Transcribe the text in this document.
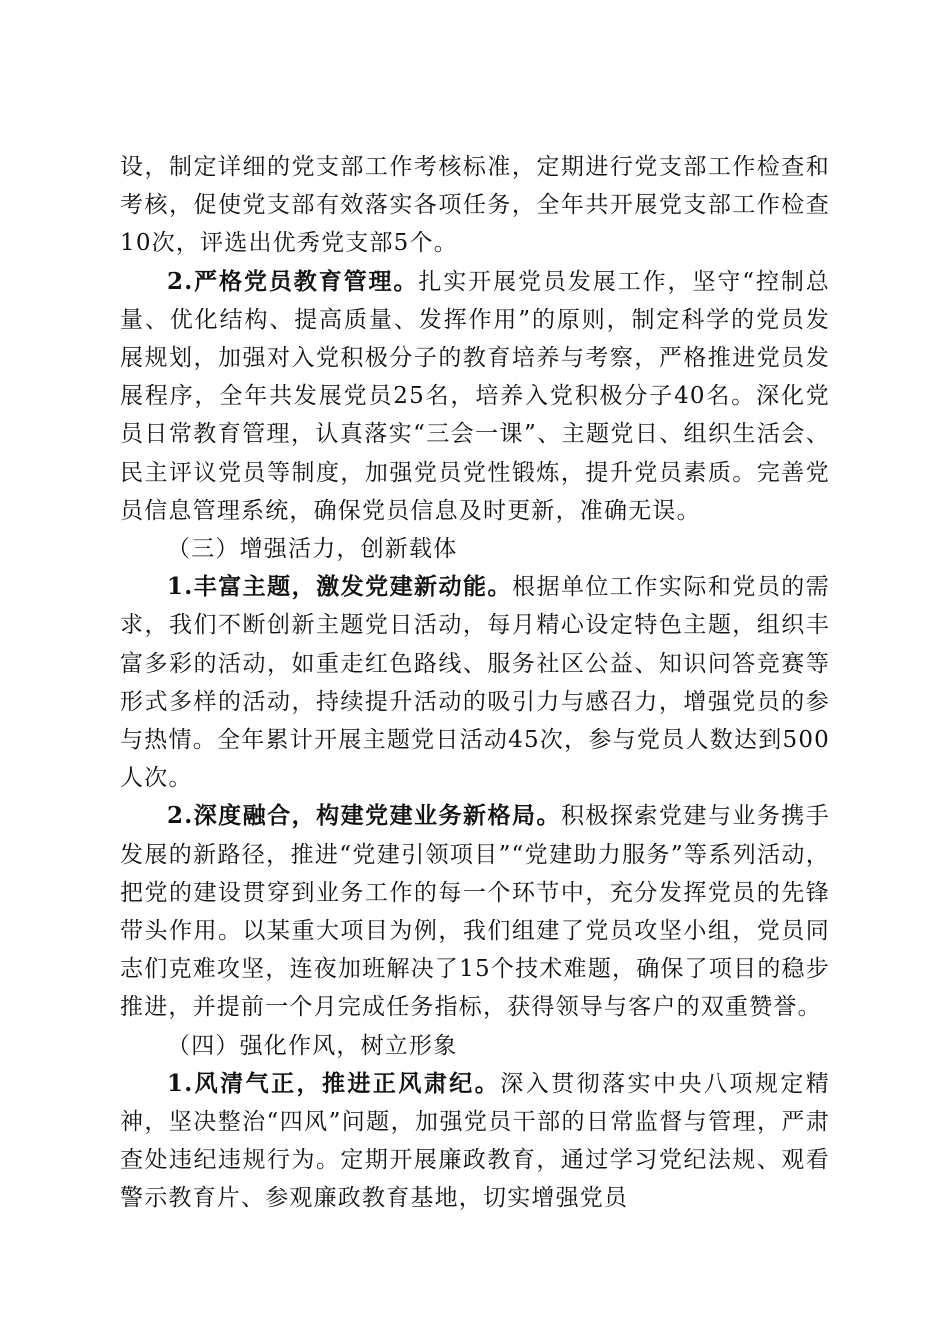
设，制定详细的党支部工作考核标准，定期进行党支部工作检查和考核，促使党支部有效落实各项任务，全年共开展党支部工作检查10次，评选出优秀党支部5个。

2.严格党员教育管理。扎实开展党员发展工作，坚守“控制总量、优化结构、提高质量、发挥作用”的原则，制定科学的党员发展规划，加强对入党积极分子的教育培养与考察，严格推进党员发展程序，全年共发展党员25名，培养入党积极分子40名。深化党员日常教育管理，认真落实“三会一课”、主题党日、组织生活会、民主评议党员等制度，加强党员党性锻炼，提升党员素质。完善党员信息管理系统，确保党员信息及时更新，准确无误。

（三）增强活力，创新载体

1.丰富主题，激发党建新动能。根据单位工作实际和党员的需求，我们不断创新主题党日活动，每月精心设定特色主题，组织丰富多彩的活动，如重走红色路线、服务社区公益、知识问答竞赛等形式多样的活动，持续提升活动的吸引力与感召力，增强党员的参与热情。全年累计开展主题党日活动45次，参与党员人数达到500人次。

2.深度融合，构建党建业务新格局。积极探索党建与业务携手发展的新路径，推进“党建引领项目”“党建助力服务”等系列活动，把党的建设贯穿到业务工作的每一个环节中，充分发挥党员的先锋带头作用。以某重大项目为例，我们组建了党员攻坚小组，党员同志们克难攻坚，连夜加班解决了15个技术难题，确保了项目的稳步推进，并提前一个月完成任务指标，获得领导与客户的双重赞誉。

（四）强化作风，树立形象

1.风清气正，推进正风肃纪。深入贯彻落实中央八项规定精神，坚决整治“四风”问题，加强党员干部的日常监督与管理，严肃查处违纪违规行为。定期开展廉政教育，通过学习党纪法规、观看警示教育片、参观廉政教育基地，切实增强党员
